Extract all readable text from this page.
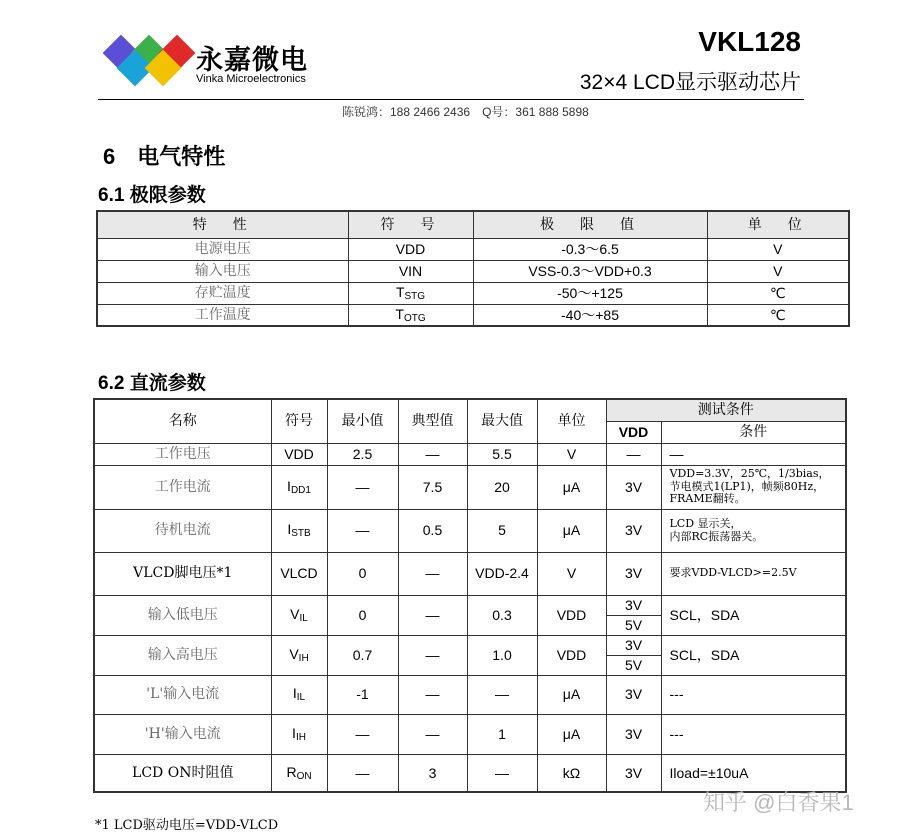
永嘉微电
Vinka Microelectronics
VKL128
32×4 LCD显示驱动芯片
陈锐鸿：188 2466 2436　Q号：361 888 5898
6　电气特性
6.1 极限参数
特　性	符　号	极　限　值	单　位
电源电压	VDD	-0.3～6.5	V
输入电压	VIN	VSS-0.3～VDD+0.3	V
存贮温度	$T_{STG}$	-50～+125	℃
工作温度	$T_{OTG}$	-40～+85	℃
6.2 直流参数
名称	符号	最小值	典型值	最大值	单位	测试条件	
						VDD	条件
工作电压	VDD	2.5	—	5.5	V	—	—
工作电流	$I_{DD1}$	—	7.5	20	μA	3V	VDD=3.3V，25℃，1/3bias，
节电模式1(LP1)，帧频80Hz，
FRAME翻转。
待机电流	$I_{STB}$	—	0.5	5	μA	3V	LCD 显示关，
内部RC振荡器关。
VLCD脚电压*1	VLCD	0	—	VDD-2.4	V	3V	要求VDD-VLCD>=2.5V
输入低电压	$V_{IL}$	0	—	0.3	VDD	3V
5V	SCL，SDA
输入高电压	$V_{IH}$	0.7	—	1.0	VDD	3V
5V	SCL，SDA
'L'输入电流	$I_{IL}$	-1	—	—	μA	3V	---
'H'输入电流	$I_{IH}$	—	—	1	μA	3V	---
LCD ON时阻值	$R_{ON}$	—	3	—	kΩ	3V	Iload=±10uA
*1 LCD驱动电压=VDD-VLCD
知乎 @白香果1
